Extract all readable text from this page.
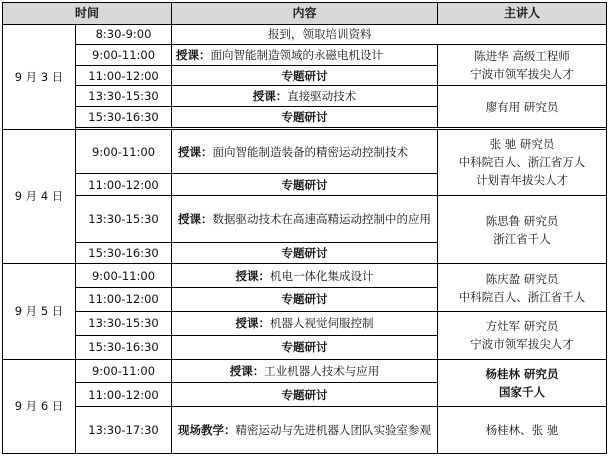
时间		内容	主讲人
9 月 3 日	8:30-9:00	报到，领取培训资料	
	9:00-11:00	授课：面向智能制造领域的永磁电机设计	陈进华 高级工程师
宁波市领军拔尖人才

	11:00-12:00	专题研讨	
	13:30-15:30	授课：直接驱动技术	廖有用 研究员
	15:30-16:30	专题研讨	

9 月 4 日	9:00-11:00	授课：面向智能制造装备的精密运动控制技术	张 驰 研究员
中科院百人、浙江省万人
计划青年拔尖人才

	11:00-12:00	专题研讨	
	13:30-15:30	授课：数据驱动技术在高速高精运动控制中的应用	陈思鲁 研究员
浙江省千人

	15:30-16:30	专题研讨	
9 月 5 日	9:00-11:00	授课：机电一体化集成设计	陈庆盈 研究员
中科院百人、浙江省千人

	11:00-12:00	专题研讨	
	13:30-15:30	授课：机器人视觉伺服控制	方灶军 研究员
宁波市领军拔尖人才

	15:30-16:30	专题研讨	
9 月 6 日	9:00-11:00	授课：工业机器人技术与应用	杨桂林 研究员
国家千人

	11:00-12:00	专题研讨	
	13:30-17:30	现场教学：精密运动与先进机器人团队实验室参观	杨桂林、张 驰
